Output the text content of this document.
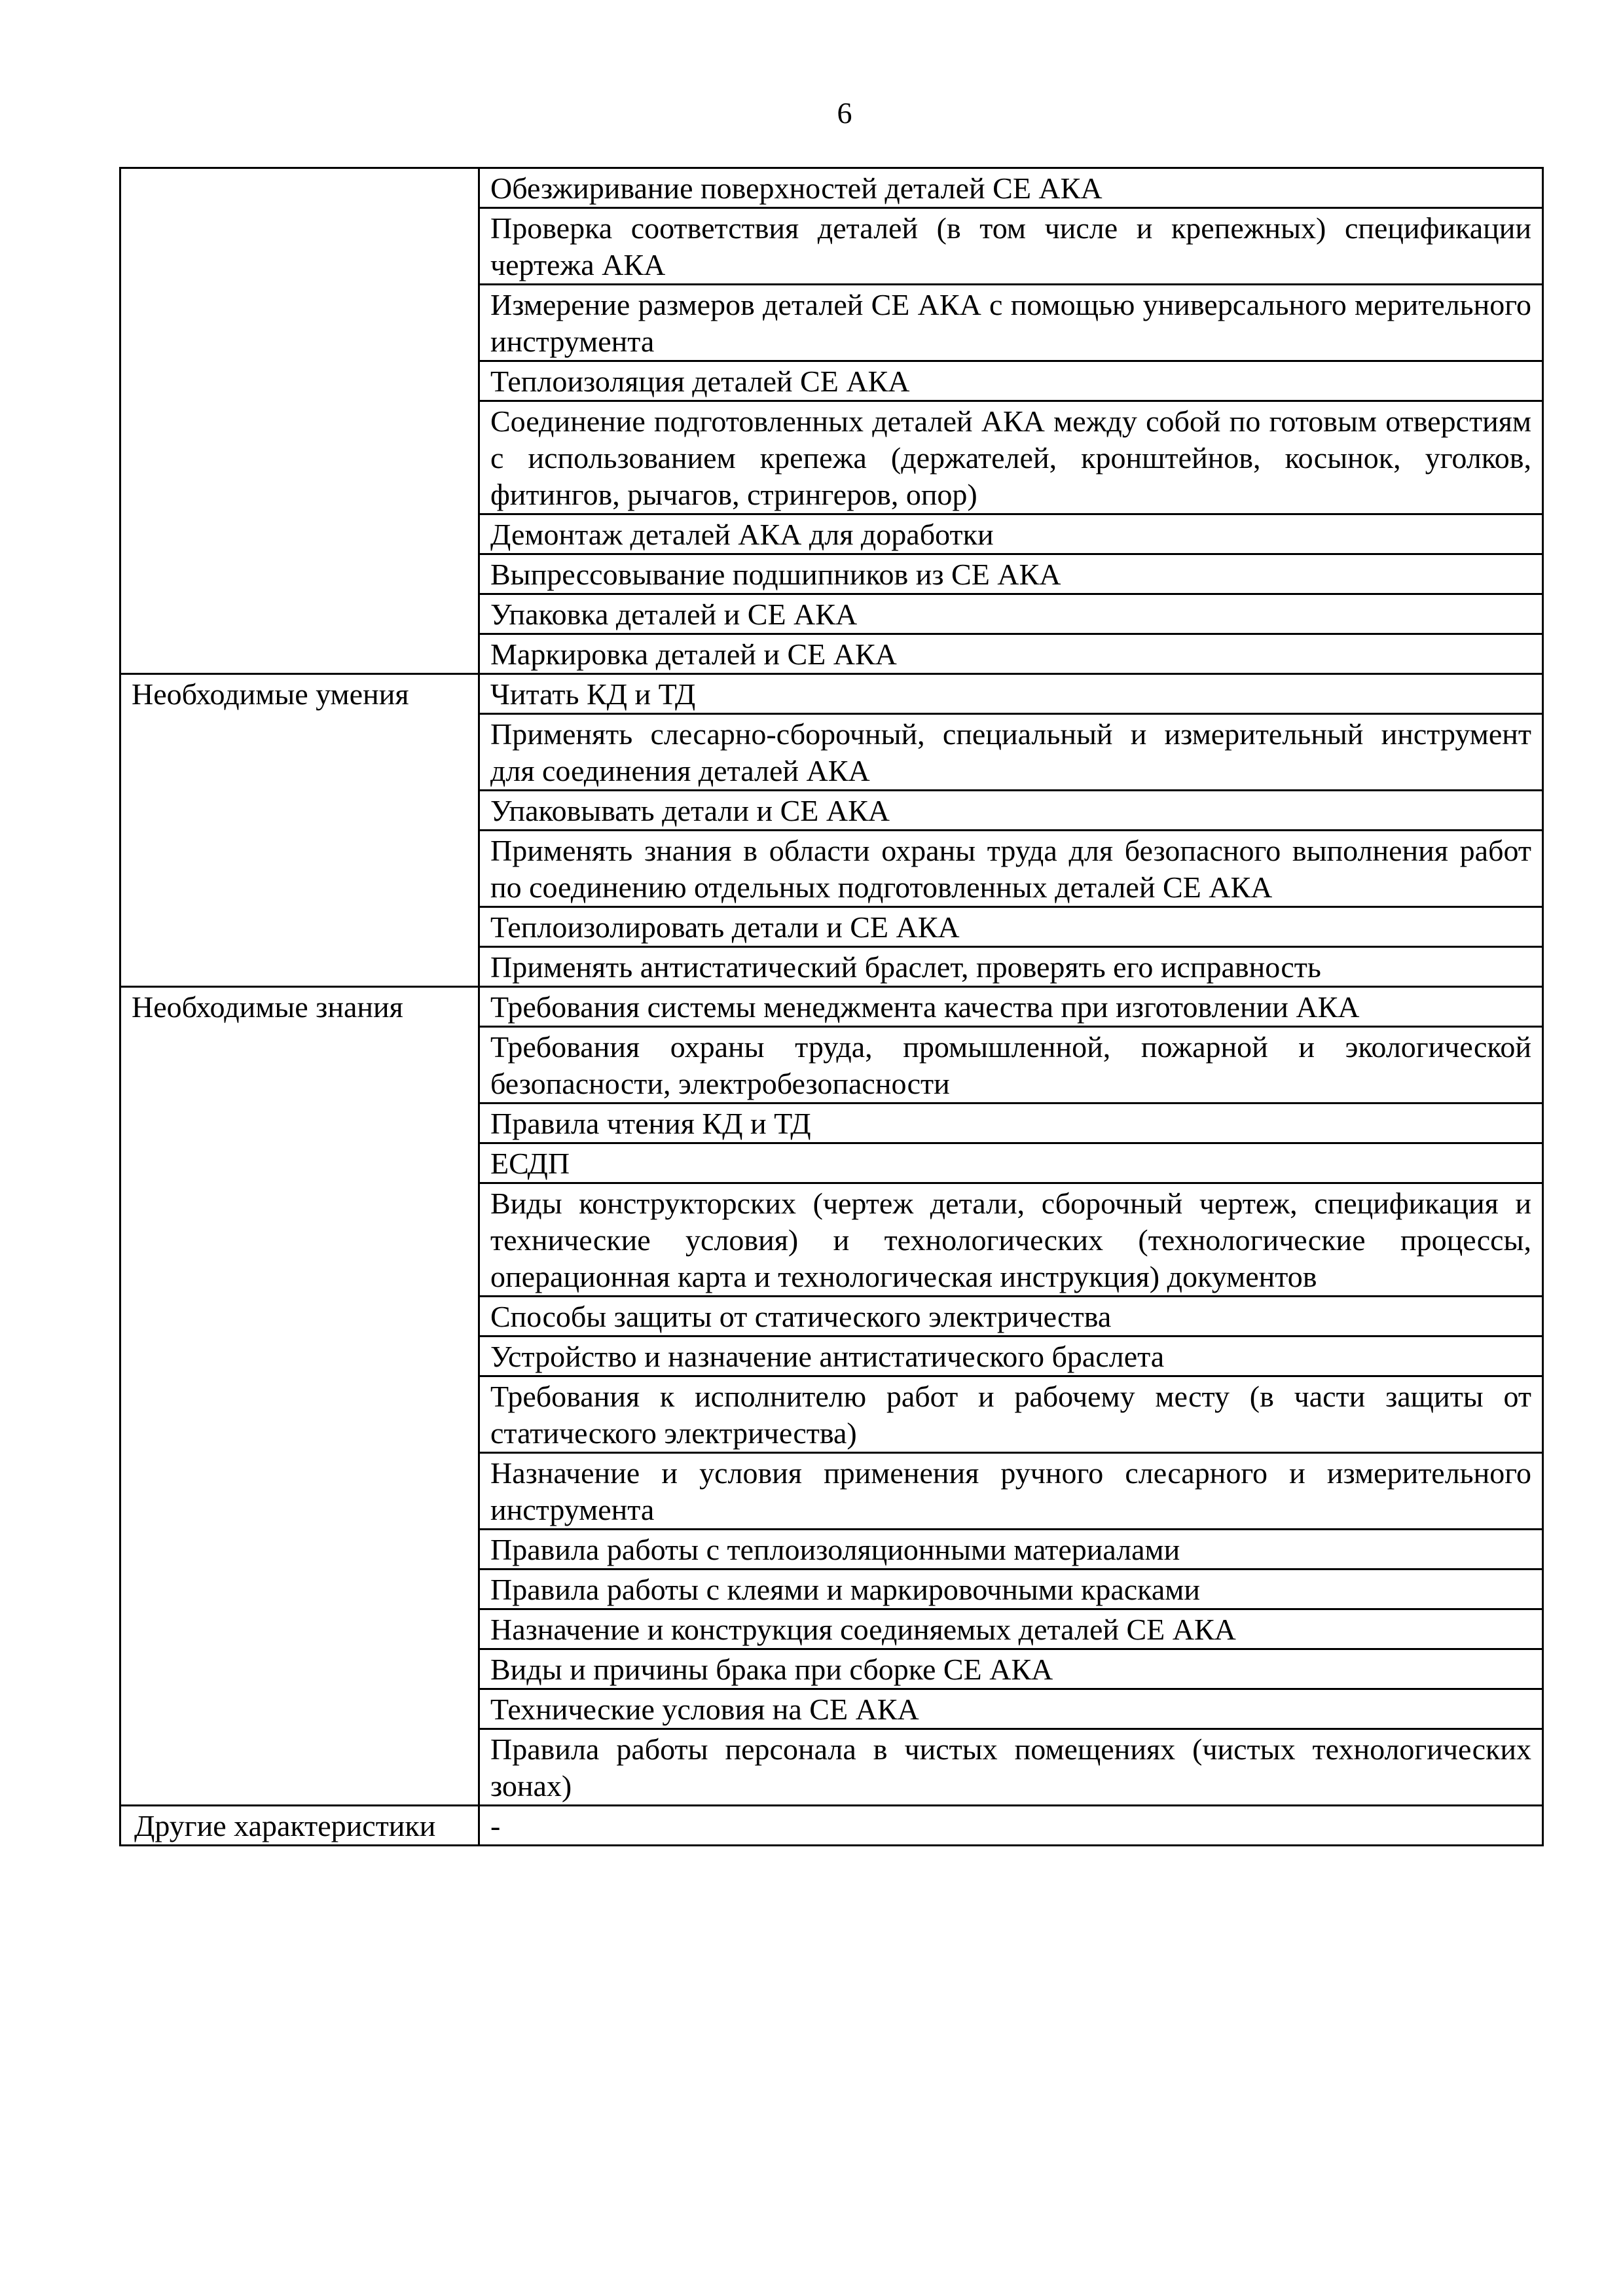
6
	Обезжиривание поверхностей деталей СЕ АКА
	Проверка соответствия деталей (в том числе и крепежных) спецификации чертежа АКА
	Измерение размеров деталей СЕ АКА с помощью универсального мерительного инструмента
	Теплоизоляция деталей СЕ АКА
	Соединение подготовленных деталей АКА между собой по готовым отверстиям с использованием крепежа (держателей, кронштейнов, косынок, уголков, фитингов, рычагов, стрингеров, опор)
	Демонтаж деталей АКА для доработки
	Выпрессовывание подшипников из СЕ АКА
	Упаковка деталей и СЕ АКА
	Маркировка деталей и СЕ АКА
Необходимые умения	Читать КД и ТД
	Применять слесарно-сборочный, специальный и измерительный инструмент для соединения деталей АКА
	Упаковывать детали и СЕ АКА
	Применять знания в области охраны труда для безопасного выполнения работ по соединению отдельных подготовленных деталей СЕ АКА
	Теплоизолировать детали и СЕ АКА
	Применять антистатический браслет, проверять его исправность
Необходимые знания	Требования системы менеджмента качества при изготовлении АКА
	Требования охраны труда, промышленной, пожарной и экологической безопасности, электробезопасности
	Правила чтения КД и ТД
	ЕСДП
	Виды конструкторских (чертеж детали, сборочный чертеж, спецификация и технические условия) и технологических (технологические процессы, операционная карта и технологическая инструкция) документов
	Способы защиты от статического электричества
	Устройство и назначение антистатического браслета
	Требования к исполнителю работ и рабочему месту (в части защиты от статического электричества)
	Назначение и условия применения ручного слесарного и измерительного инструмента
	Правила работы с теплоизоляционными материалами
	Правила работы с клеями и маркировочными красками
	Назначение и конструкция соединяемых деталей СЕ АКА
	Виды и причины брака при сборке СЕ АКА
	Технические условия на СЕ АКА
	Правила работы персонала в чистых помещениях (чистых технологических зонах)
Другие характеристики	-
